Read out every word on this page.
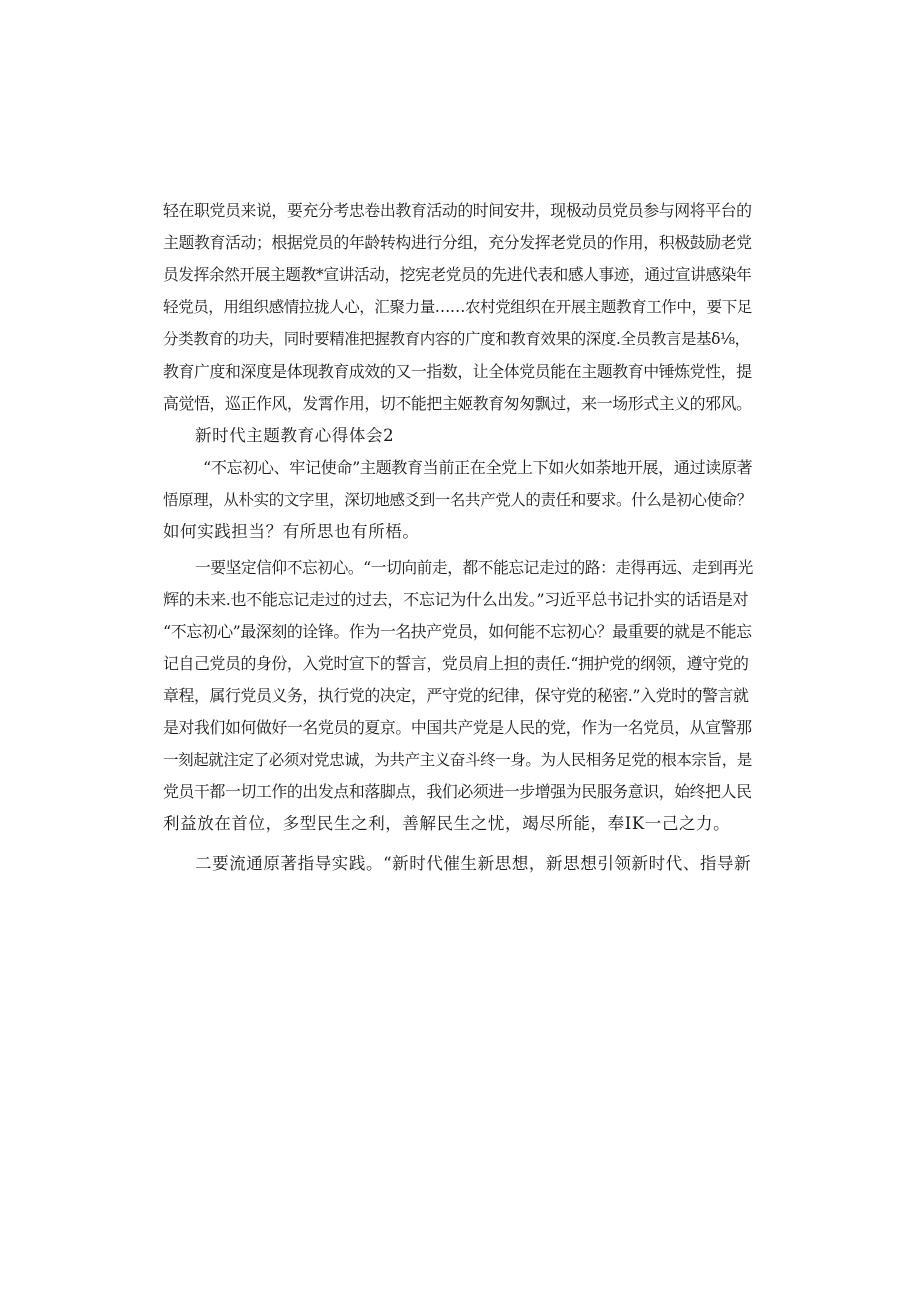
轻在职党员来说，要充分考忠卷出教育活动的时间安井，现极动员党员参与网将平台的
主题教育活动；根据党员的年龄转构进行分组，充分发挥老党员的作用，积极鼓励老党
员发挥余然开展主题教*宣讲活动，挖宪老党员的先进代表和感人事迹，通过宣讲感染年
轻党员，用组织感情拉拢人心，汇聚力量……农村党组织在开展主题教育工作中，要下足
分类教育的功夫，同时要精准把握教育内容的广度和教育效果的深度.全员教言是基δ⅛，
教育广度和深度是体现教育成效的又一指数，让全体党员能在主题教育中锤炼党性，提
高觉悟，巡正作风，发霄作用，切不能把主姬教育匆匆飘过，来一场形式主义的邪风。
新时代主题教育心得体会2
“不忘初心、牢记使命”主题教育当前正在全党上下如火如荼地开展，通过读原著
悟原理，从朴实的文字里，深切地感爻到一名共产党人的责任和要求。什么是初心使命？
如何实践担当？有所思也有所梧。
一要坚定信仰不忘初心。“一切向前走，都不能忘记走过的路：走得再远、走到再光
辉的未来.也不能忘记走过的过去，不忘记为什么出发。”习近平总书记扑实的话语是对
“不忘初心”最深刻的诠锋。作为一名抉产党员，如何能不忘初心？最重要的就是不能忘
记自己党员的身份，入党时宣下的誓言，党员肩上担的责任.“拥护党的纲领，遵守党的
章程，属行党员义务，执行党的决定，严守党的纪律，保守党的秘密.”入党时的警言就
是对我们如何做好一名党员的夏京。中国共产党是人民的党，作为一名党员，从宣警那
一刻起就注定了必须对党忠诚，为共产主义奋斗终一身。为人民相务足党的根本宗旨，是
党员干都一切工作的出发点和落脚点，我们必须进一步增强为民服务意识，始终把人民
利益放在首位，多型民生之利，善解民生之忧，竭尽所能，奉IK一己之力。
二要流通原著指导实践。“新时代催生新思想，新思想引领新时代、指导新
